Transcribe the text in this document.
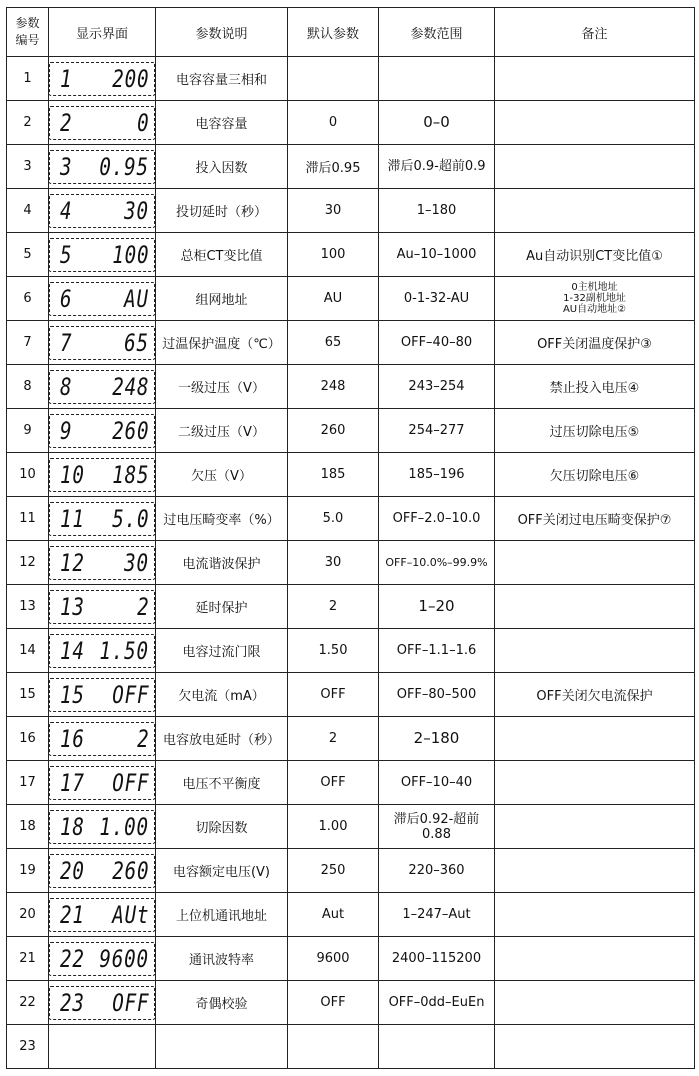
参数
编号	显示界面	参数说明	默认参数	参数范围	备注
1	1 200	电容容量三相和			
2	2 0	电容容量	0	0–0	
3	3 0.95	投入因数	滞后0.95	滞后0.9-超前0.9	
4	4 30	投切延时（秒）	30	1–180	
5	5 100	总柜CT变比值	100	Au–10–1000	Au自动识别CT变比值①
6	6 AU	组网地址	AU	0-1-32-AU	0主机地址
1-32副机地址
AU自动地址②

7	7 65	过温保护温度（℃）	65	OFF–40–80	OFF关闭温度保护③
8	8 248	一级过压（V）	248	243–254	禁止投入电压④
9	9 260	二级过压（V）	260	254–277	过压切除电压⑤
10	10 185	欠压（V）	185	185–196	欠压切除电压⑥
11	11 5.0	过电压畸变率（%）	5.0	OFF–2.0–10.0	OFF关闭过电压畸变保护⑦
12	12 30	电流谐波保护	30	OFF–10.0%–99.9%	
13	13 2	延时保护	2	1–20	
14	14 1.50	电容过流门限	1.50	OFF–1.1–1.6	
15	15 OFF	欠电流（mA）	OFF	OFF–80–500	OFF关闭欠电流保护
16	16 2	电容放电延时（秒）	2	2–180	
17	17 OFF	电压不平衡度	OFF	OFF–10–40	
18	18 1.00	切除因数	1.00	滞后0.92-超前
0.88	

19	20 260	电容额定电压(V)	250	220–360	
20	21 AUt	上位机通讯地址	Aut	1–247–Aut	
21	22 9600	通讯波特率	9600	2400–115200	
22	23 OFF	奇偶校验	OFF	OFF–0dd–EuEn	
23					
